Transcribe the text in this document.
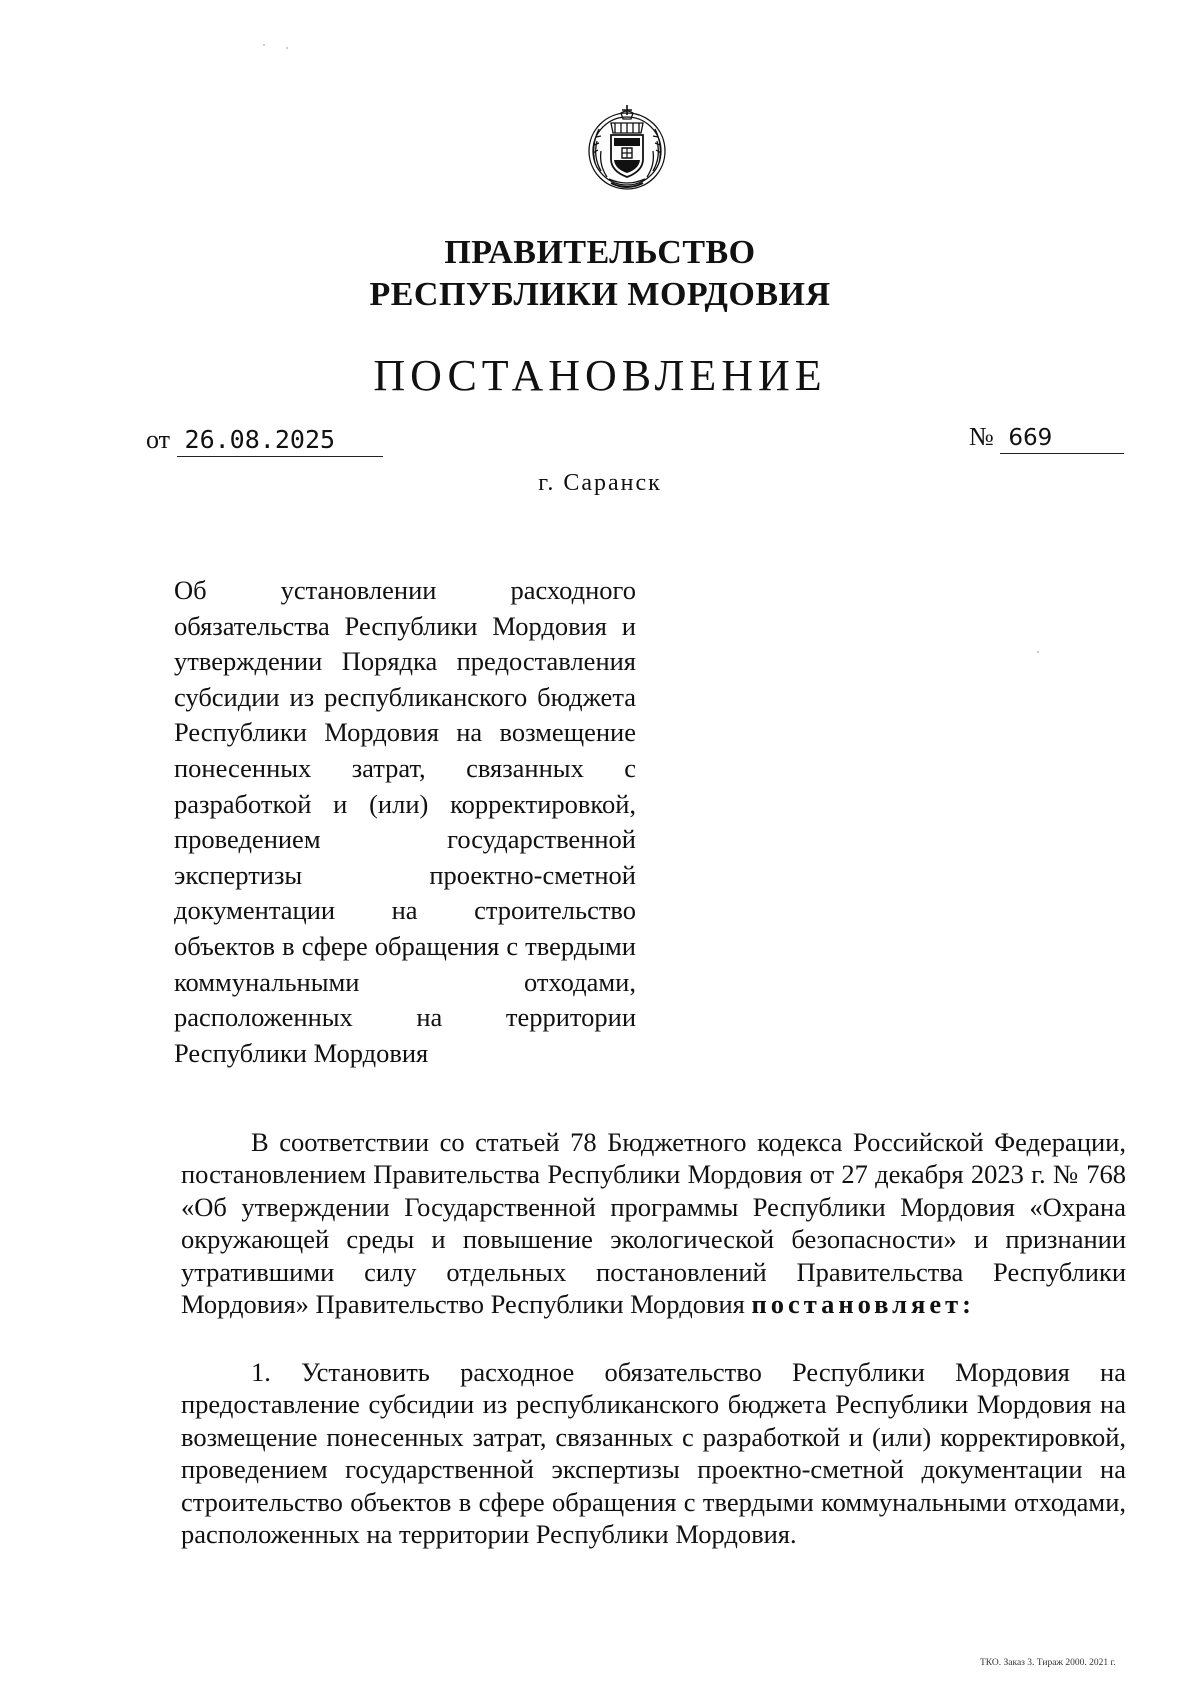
ПРАВИТЕЛЬСТВО
РЕСПУБЛИКИ МОРДОВИЯ
ПОСТАНОВЛЕНИЕ
от 26.08.2025	№ 669
г. Саранск

Об установлении расходного обязательства Республики Мордовия и утверждении Порядка предоставления субсидии из республиканского бюджета Республики Мордовия на возмещение понесенных затрат, связанных с разработкой и (или) корректировкой, проведением государственной экспертизы проектно-сметной документации на строительство объектов в сфере обращения с твердыми коммунальными отходами, расположенных на территории Республики Мордовия

В соответствии со статьей 78 Бюджетного кодекса Российской Федерации, постановлением Правительства Республики Мордовия от 27 декабря 2023 г. № 768 «Об утверждении Государственной программы Республики Мордовия «Охрана окружающей среды и повышение экологической безопасности» и признании утратившими силу отдельных постановлений Правительства Республики Мордовия» Правительство Республики Мордовия постановляет:

1. Установить расходное обязательство Республики Мордовия на предоставление субсидии из республиканского бюджета Республики Мордовия на возмещение понесенных затрат, связанных с разработкой и (или) корректировкой, проведением государственной экспертизы проектно-сметной документации на строительство объектов в сфере обращения с твердыми коммунальными отходами, расположенных на территории Республики Мордовия.

ТКО. Заказ 3. Тираж 2000. 2021 г.
